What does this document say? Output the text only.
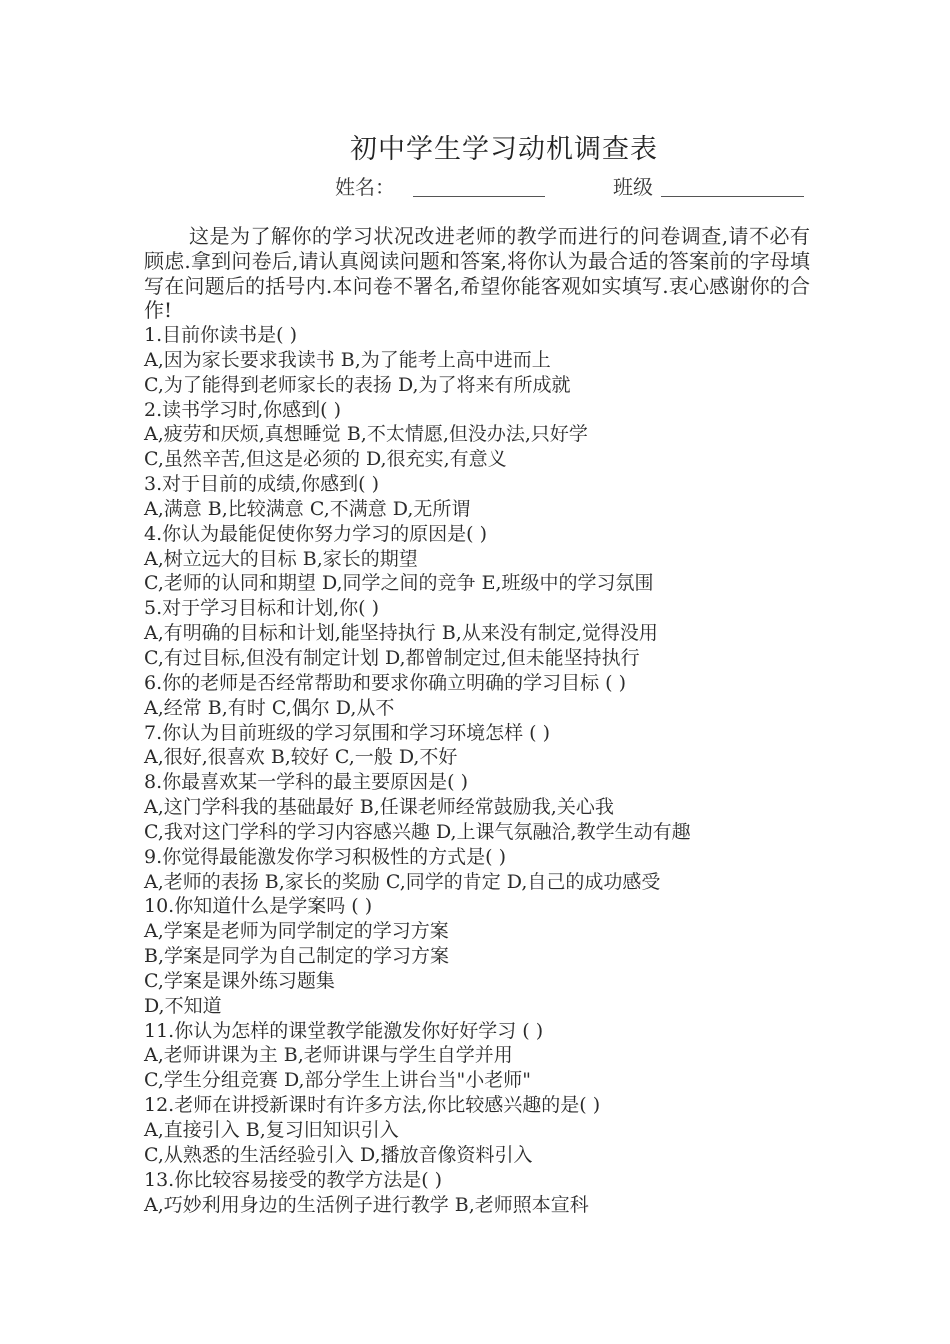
初中学生学习动机调查表
姓名：	班级
这是为了解你的学习状况改进老师的教学而进行的问卷调查,请不必有顾虑.拿到问卷后,请认真阅读问题和答案,将你认为最合适的答案前的字母填写在问题后的括号内.本问卷不署名,希望你能客观如实填写.衷心感谢你的合作!
1.目前你读书是( )
A,因为家长要求我读书 B,为了能考上高中进而上
C,为了能得到老师家长的表扬 D,为了将来有所成就
2.读书学习时,你感到( )
A,疲劳和厌烦,真想睡觉 B,不太情愿,但没办法,只好学
C,虽然辛苦,但这是必须的 D,很充实,有意义
3.对于目前的成绩,你感到( )
A,满意 B,比较满意 C,不满意 D,无所谓
4.你认为最能促使你努力学习的原因是( )
A,树立远大的目标 B,家长的期望
C,老师的认同和期望 D,同学之间的竞争 E,班级中的学习氛围
5.对于学习目标和计划,你( )
A,有明确的目标和计划,能坚持执行 B,从来没有制定,觉得没用
C,有过目标,但没有制定计划 D,都曾制定过,但未能坚持执行
6.你的老师是否经常帮助和要求你确立明确的学习目标 ( )
A,经常 B,有时 C,偶尔 D,从不
7.你认为目前班级的学习氛围和学习环境怎样 ( )
A,很好,很喜欢 B,较好 C,一般 D,不好
8.你最喜欢某一学科的最主要原因是( )
A,这门学科我的基础最好 B,任课老师经常鼓励我,关心我
C,我对这门学科的学习内容感兴趣 D,上课气氛融洽,教学生动有趣
9.你觉得最能激发你学习积极性的方式是( )
A,老师的表扬 B,家长的奖励 C,同学的肯定 D,自己的成功感受
10.你知道什么是学案吗 ( )
A,学案是老师为同学制定的学习方案
B,学案是同学为自己制定的学习方案
C,学案是课外练习题集
D,不知道
11.你认为怎样的课堂教学能激发你好好学习 ( )
A,老师讲课为主 B,老师讲课与学生自学并用
C,学生分组竞赛 D,部分学生上讲台当"小老师"
12.老师在讲授新课时有许多方法,你比较感兴趣的是( )
A,直接引入 B,复习旧知识引入
C,从熟悉的生活经验引入 D,播放音像资料引入
13.你比较容易接受的教学方法是( )
A,巧妙利用身边的生活例子进行教学 B,老师照本宣科
